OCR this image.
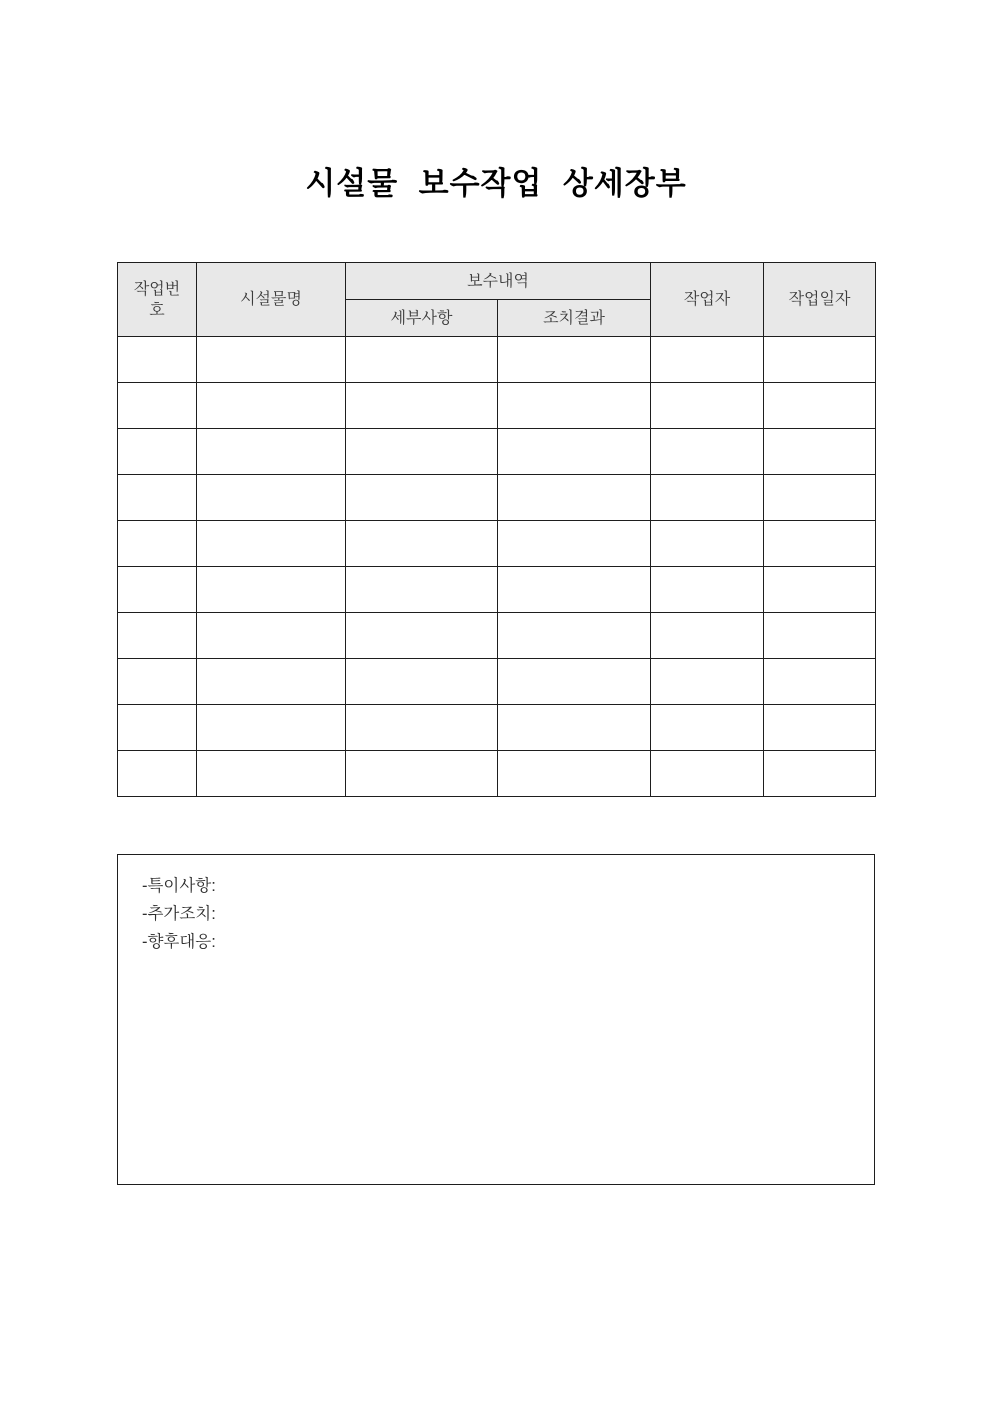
시설물 보수작업 상세장부
작업번호	시설물명	보수내역		작업자	작업일자
		세부사항	조치결과		

-특이사항:
-추가조치:
-향후대응:
